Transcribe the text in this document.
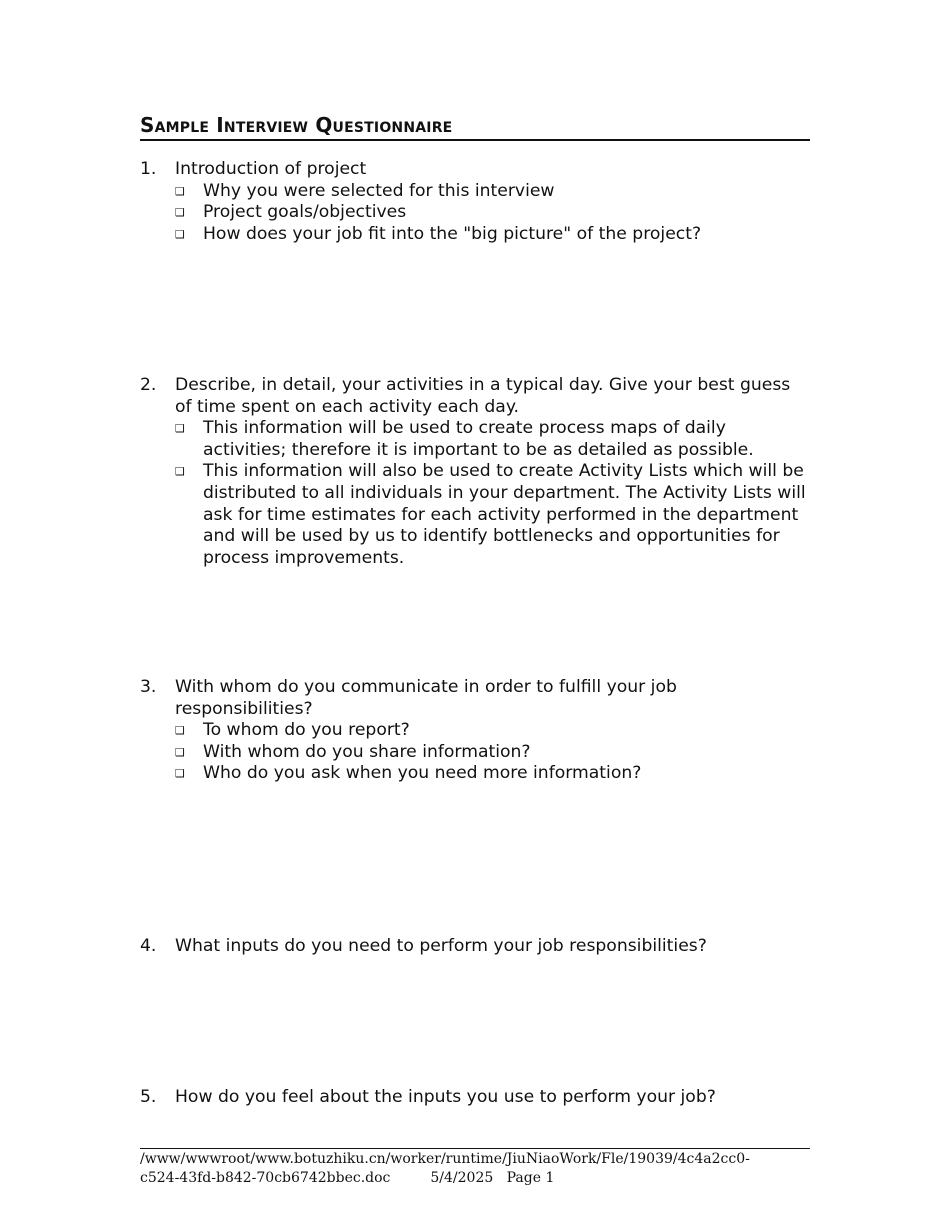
Sample Interview Questionnaire
1. Introduction of project
❑ Why you were selected for this interview
❑ Project goals/objectives
❑ How does your job fit into the "big picture" of the project?
2. Describe, in detail, your activities in a typical day. Give your best guess of time spent on each activity each day.
❑ This information will be used to create process maps of daily activities; therefore it is important to be as detailed as possible.
❑ This information will also be used to create Activity Lists which will be distributed to all individuals in your department. The Activity Lists will ask for time estimates for each activity performed in the department and will be used by us to identify bottlenecks and opportunities for process improvements.
3. With whom do you communicate in order to fulfill your job responsibilities?
❑ To whom do you report?
❑ With whom do you share information?
❑ Who do you ask when you need more information?
4. What inputs do you need to perform your job responsibilities?
5. How do you feel about the inputs you use to perform your job?
/www/wwwroot/www.botuzhiku.cn/worker/runtime/JiuNiaoWork/Fle/19039/4c4a2cc0-
c524-43fd-b842-70cb6742bbec.doc	5/4/2025 Page 1
